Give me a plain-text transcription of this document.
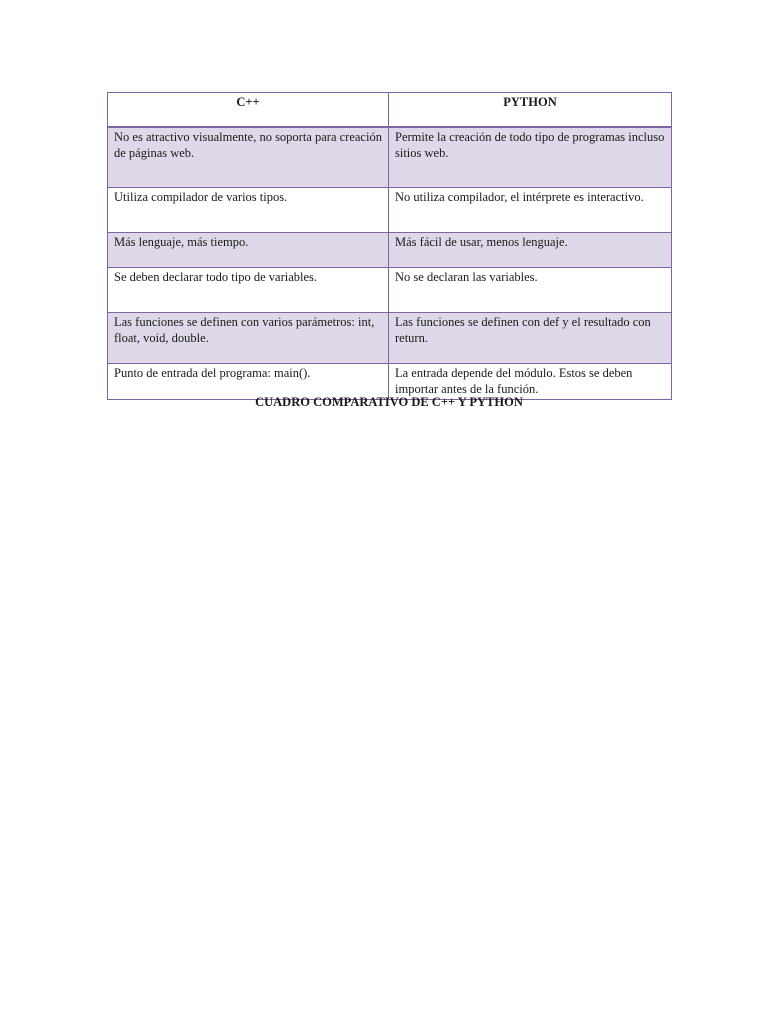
C++	PYTHON
No es atractivo visualmente, no soporta para creación de páginas web.	Permite la creación de todo tipo de programas incluso sitios web.
Utiliza compilador de varios tipos.	No utiliza compilador, el intérprete es interactivo.
Más lenguaje, más tiempo.	Más fácil de usar, menos lenguaje.
Se deben declarar todo tipo de variables.	No se declaran las variables.
Las funciones se definen con varios parámetros: int, float, void, double.	Las funciones se definen con def y el resultado con return.
Punto de entrada del programa: main().	La entrada depende del módulo. Estos se deben importar antes de la función.
CUADRO COMPARATIVO DE C++ Y PYTHON
